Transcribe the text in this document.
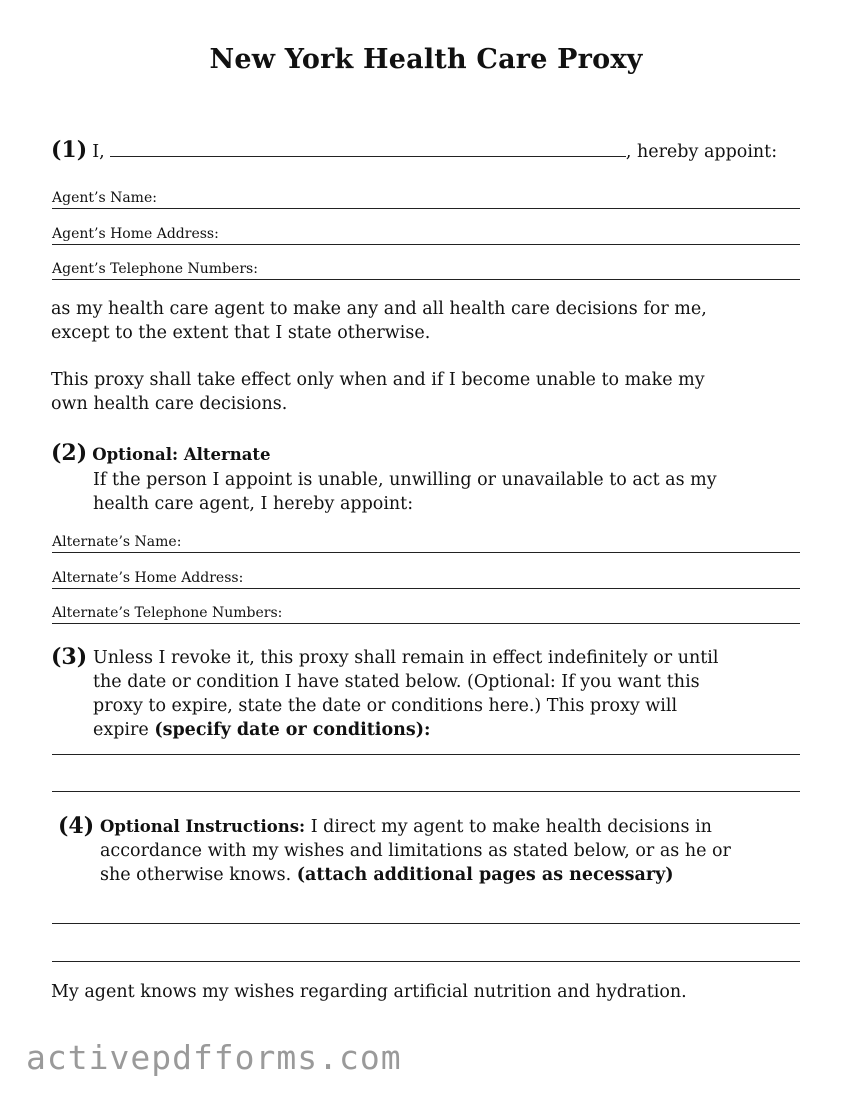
New York Health Care Proxy
(1) I,	, hereby appoint:
Agent’s Name:
Agent’s Home Address:
Agent’s Telephone Numbers:
as my health care agent to make any and all health care decisions for me,
except to the extent that I state otherwise.
This proxy shall take effect only when and if I become unable to make my
own health care decisions.
(2) Optional: Alternate
If the person I appoint is unable, unwilling or unavailable to act as my
health care agent, I hereby appoint:
Alternate’s Name:
Alternate’s Home Address:
Alternate’s Telephone Numbers:
(3) Unless I revoke it, this proxy shall remain in effect indefinitely or until
the date or condition I have stated below. (Optional: If you want this
proxy to expire, state the date or conditions here.) This proxy will
expire (specify date or conditions):
(4) Optional Instructions: I direct my agent to make health decisions in
accordance with my wishes and limitations as stated below, or as he or
she otherwise knows. (attach additional pages as necessary)
My agent knows my wishes regarding artificial nutrition and hydration.
activepdfforms.com
